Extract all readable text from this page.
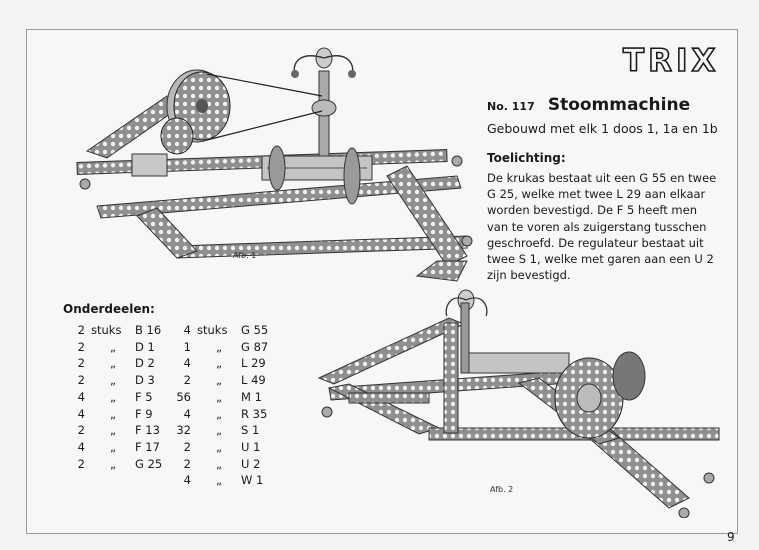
TRIX
No. 117 Stoommachine
Gebouwd met elk 1 doos 1, 1a en 1b
Toelichting:
De krukas bestaat uit een G 55 en twee
G 25, welke met twee L 29 aan elkaar
worden bevestigd. De F 5 heeft men
van te voren als zuigerstang tusschen
geschroefd. De regulateur bestaat uit
twee S 1, welke met garen aan een U 2
zijn bevestigd.
Afb. 1
Afb. 2
Onderdeelen:
2 stuks	B 16
2	„	D 1
2	„	D 2
2	„	D 3
4	„	F 5
4	„	F 9
2	„	F 13
4	„	F 17
2	„	G 25
4 stuks	G 55
1	„	G 87
4	„	L 29
2	„	L 49
56	„	M 1
4	„	R 35
32	„	S 1
2	„	U 1
2	„	U 2
4	„	W 1
9
